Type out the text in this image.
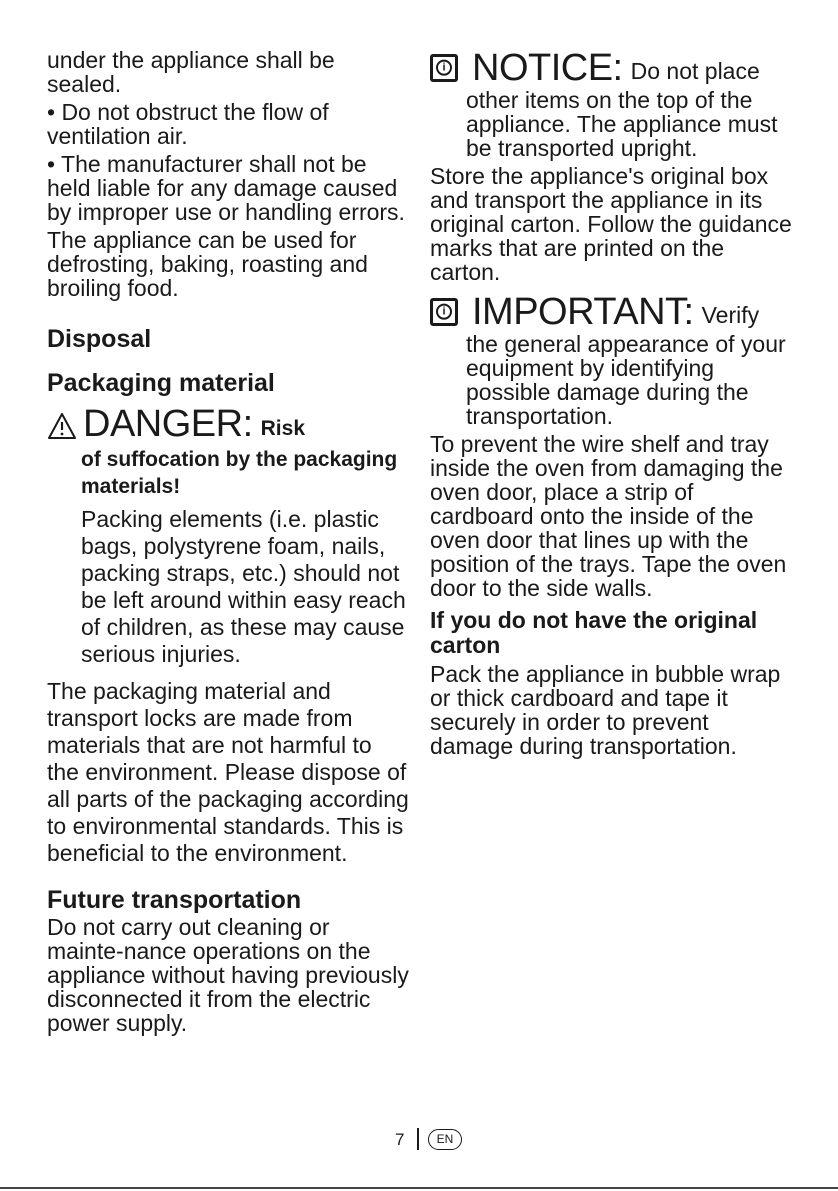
under the appliance shall be sealed.

• Do not obstruct the flow of ventilation air.

• The manufacturer shall not be held liable for any damage caused by improper use or handling errors.

The appliance can be used for defrosting, baking, roasting and broiling food.

Disposal
Packaging material
DANGER: Risk

of suffocation by the packaging materials!

Packing elements (i.e. plastic bags, polystyrene foam, nails, packing straps, etc.) should not be left around within easy reach of children, as these may cause serious injuries.

The packaging material and transport locks are made from materials that are not harmful to the environment. Please dispose of all parts of the packaging according to environmental standards. This is beneficial to the environment.

Future transportation

Do not carry out cleaning or mainte-nance operations on the appliance without having previously disconnected it from the electric power supply.

i NOTICE: Do not place

other items on the top of the appliance. The appliance must be transported upright.

Store the appliance's original box and transport the appliance in its original carton. Follow the guidance marks that are printed on the carton.

i IMPORTANT: Verify

the general appearance of your equipment by identifying possible damage during the transportation.

To prevent the wire shelf and tray inside the oven from damaging the oven door, place a strip of cardboard onto the inside of the oven door that lines up with the position of the trays. Tape the oven door to the side walls.

If you do not have the original carton

Pack the appliance in bubble wrap or thick cardboard and tape it securely in order to prevent damage during transportation.

7	EN
